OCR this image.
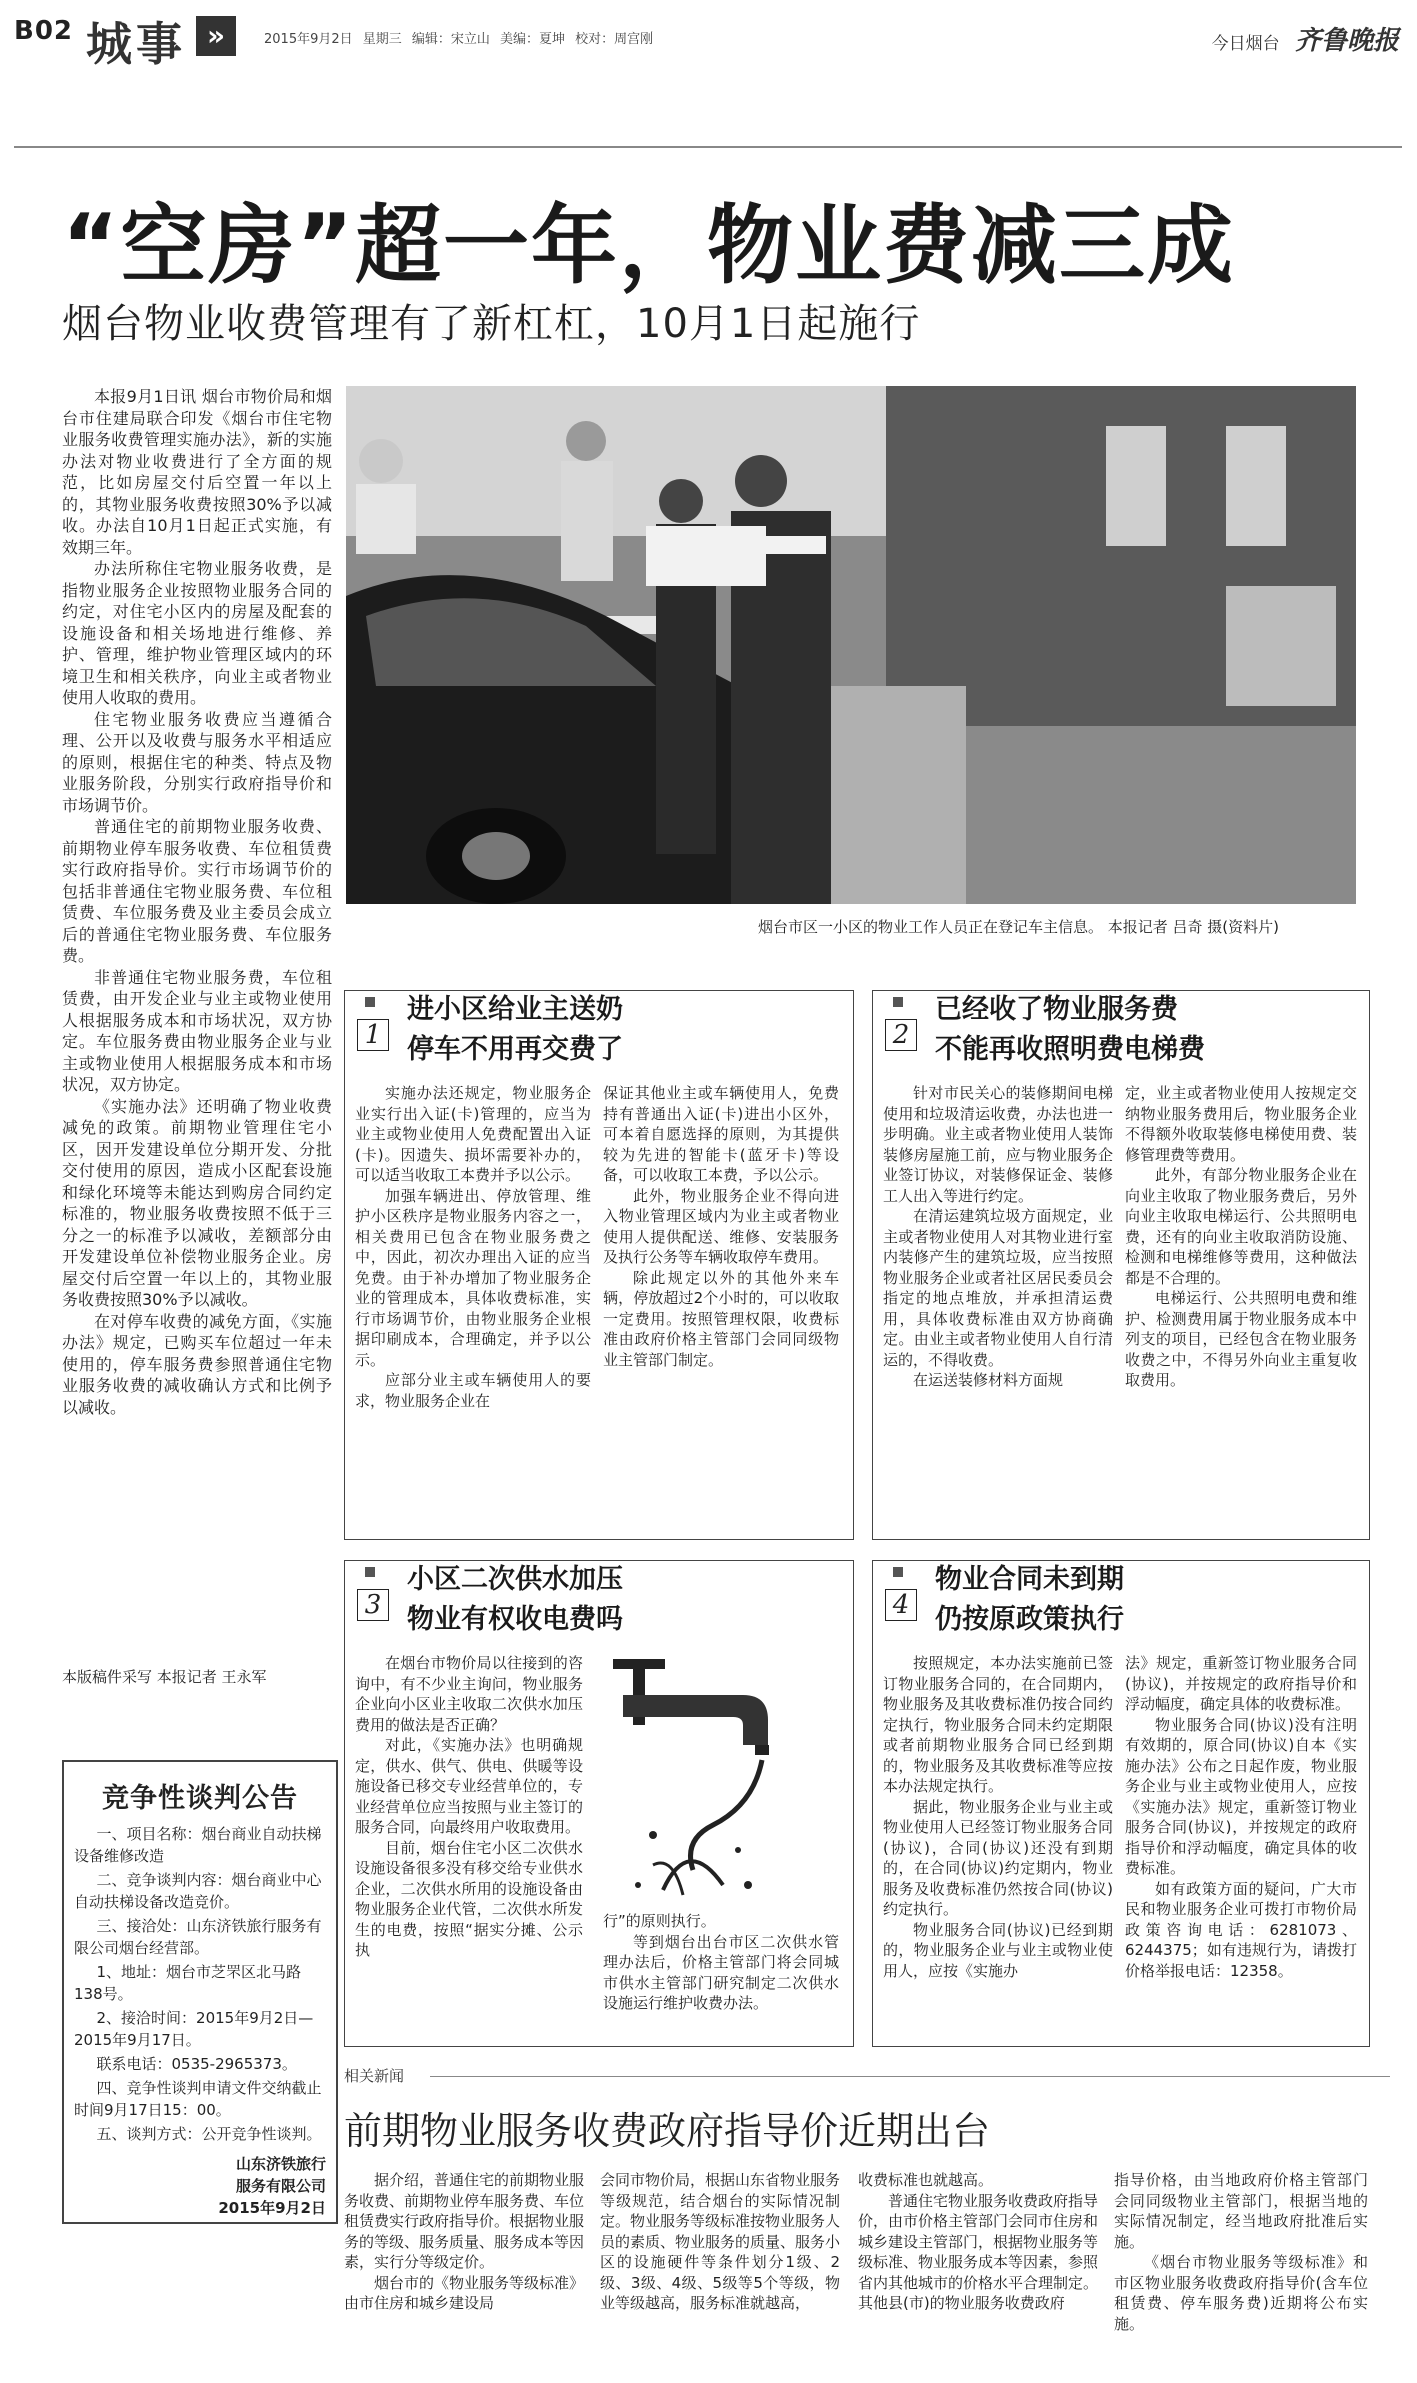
B02 城事 »	2015年9月2日 星期三 编辑：宋立山 美编：夏坤 校对：周宫刚	今日烟台 齐鲁晚报
“空房”超一年，物业费减三成
烟台物业收费管理有了新杠杠，10月1日起施行

本报9月1日讯 烟台市物价局和烟台市住建局联合印发《烟台市住宅物业服务收费管理实施办法》，新的实施办法对物业收费进行了全方面的规范，比如房屋交付后空置一年以上的，其物业服务收费按照30%予以减收。办法自10月1日起正式实施，有效期三年。

办法所称住宅物业服务收费，是指物业服务企业按照物业服务合同的约定，对住宅小区内的房屋及配套的设施设备和相关场地进行维修、养护、管理，维护物业管理区域内的环境卫生和相关秩序，向业主或者物业使用人收取的费用。

住宅物业服务收费应当遵循合理、公开以及收费与服务水平相适应的原则，根据住宅的种类、特点及物业服务阶段，分别实行政府指导价和市场调节价。

普通住宅的前期物业服务收费、前期物业停车服务收费、车位租赁费实行政府指导价。实行市场调节价的包括非普通住宅物业服务费、车位租赁费、车位服务费及业主委员会成立后的普通住宅物业服务费、车位服务费。

非普通住宅物业服务费，车位租赁费，由开发企业与业主或物业使用人根据服务成本和市场状况，双方协定。车位服务费由物业服务企业与业主或物业使用人根据服务成本和市场状况，双方协定。

《实施办法》还明确了物业收费减免的政策。前期物业管理住宅小区，因开发建设单位分期开发、分批交付使用的原因，造成小区配套设施和绿化环境等未能达到购房合同约定标准的，物业服务收费按照不低于三分之一的标准予以减收，差额部分由开发建设单位补偿物业服务企业。房屋交付后空置一年以上的，其物业服务收费按照30%予以减收。

在对停车收费的减免方面，《实施办法》规定，已购买车位超过一年未使用的，停车服务费参照普通住宅物业服务收费的减收确认方式和比例予以减收。

本版稿件采写 本报记者 王永军
烟台市区一小区的物业工作人员正在登记车主信息。 本报记者 吕奇 摄(资料片)
1
进小区给业主送奶
停车不用再交费了

实施办法还规定，物业服务企业实行出入证(卡)管理的，应当为业主或物业使用人免费配置出入证(卡)。因遗失、损坏需要补办的，可以适当收取工本费并予以公示。

加强车辆进出、停放管理、维护小区秩序是物业服务内容之一，相关费用已包含在物业服务费之中，因此，初次办理出入证的应当免费。由于补办增加了物业服务企业的管理成本，具体收费标准，实行市场调节价，由物业服务企业根据印刷成本，合理确定，并予以公示。

应部分业主或车辆使用人的要求，物业服务企业在

保证其他业主或车辆使用人，免费持有普通出入证(卡)进出小区外，可本着自愿选择的原则，为其提供较为先进的智能卡(蓝牙卡)等设备，可以收取工本费，予以公示。

此外，物业服务企业不得向进入物业管理区域内为业主或者物业使用人提供配送、维修、安装服务及执行公务等车辆收取停车费用。

除此规定以外的其他外来车辆，停放超过2个小时的，可以收取一定费用。按照管理权限，收费标准由政府价格主管部门会同同级物业主管部门制定。

2
已经收了物业服务费
不能再收照明费电梯费

针对市民关心的装修期间电梯使用和垃圾清运收费，办法也进一步明确。业主或者物业使用人装饰装修房屋施工前，应与物业服务企业签订协议，对装修保证金、装修工人出入等进行约定。

在清运建筑垃圾方面规定，业主或者物业使用人对其物业进行室内装修产生的建筑垃圾，应当按照物业服务企业或者社区居民委员会指定的地点堆放，并承担清运费用，具体收费标准由双方协商确定。由业主或者物业使用人自行清运的，不得收费。

在运送装修材料方面规

定，业主或者物业使用人按规定交纳物业服务费用后，物业服务企业不得额外收取装修电梯使用费、装修管理费等费用。

此外，有部分物业服务企业在向业主收取了物业服务费后，另外向业主收取电梯运行、公共照明电费，还有的向业主收取消防设施、检测和电梯维修等费用，这种做法都是不合理的。

电梯运行、公共照明电费和维护、检测费用属于物业服务成本中列支的项目，已经包含在物业服务收费之中，不得另外向业主重复收取费用。

3
小区二次供水加压
物业有权收电费吗

在烟台市物价局以往接到的咨询中，有不少业主询问，物业服务企业向小区业主收取二次供水加压费用的做法是否正确？

对此，《实施办法》也明确规定，供水、供气、供电、供暖等设施设备已移交专业经营单位的，专业经营单位应当按照与业主签订的服务合同，向最终用户收取费用。

目前，烟台住宅小区二次供水设施设备很多没有移交给专业供水企业，二次供水所用的设施设备由物业服务企业代管，二次供水所发生的电费，按照“据实分摊、公示执

行”的原则执行。

等到烟台出台市区二次供水管理办法后，价格主管部门将会同城市供水主管部门研究制定二次供水设施运行维护收费办法。

4
物业合同未到期
仍按原政策执行

按照规定，本办法实施前已签订物业服务合同的，在合同期内，物业服务及其收费标准仍按合同约定执行，物业服务合同未约定期限或者前期物业服务合同已经到期的，物业服务及其收费标准等应按本办法规定执行。

据此，物业服务企业与业主或物业使用人已经签订物业服务合同(协议)，合同(协议)还没有到期的，在合同(协议)约定期内，物业服务及收费标准仍然按合同(协议)约定执行。

物业服务合同(协议)已经到期的，物业服务企业与业主或物业使用人，应按《实施办

法》规定，重新签订物业服务合同(协议)，并按规定的政府指导价和浮动幅度，确定具体的收费标准。

物业服务合同(协议)没有注明有效期的，原合同(协议)自本《实施办法》公布之日起作废，物业服务企业与业主或物业使用人，应按《实施办法》规定，重新签订物业服务合同(协议)，并按规定的政府指导价和浮动幅度，确定具体的收费标准。

如有政策方面的疑问，广大市民和物业服务企业可拨打市物价局政策咨询电话：6281073、6244375；如有违规行为，请拨打价格举报电话：12358。

竞争性谈判公告

一、项目名称：烟台商业自动扶梯设备维修改造

二、竞争谈判内容：烟台商业中心自动扶梯设备改造竞价。

三、接洽处：山东济铁旅行服务有限公司烟台经营部。

1、地址：烟台市芝罘区北马路138号。

2、接洽时间：2015年9月2日—2015年9月17日。

联系电话：0535-2965373。

四、竞争性谈判申请文件交纳截止时间9月17日15：00。

五、谈判方式：公开竞争性谈判。

山东济铁旅行
服务有限公司
2015年9月2日
相关新闻
前期物业服务收费政府指导价近期出台

据介绍，普通住宅的前期物业服务收费、前期物业停车服务费、车位租赁费实行政府指导价。根据物业服务的等级、服务质量、服务成本等因素，实行分等级定价。

烟台市的《物业服务等级标准》由市住房和城乡建设局

会同市物价局，根据山东省物业服务等级规范，结合烟台的实际情况制定。物业服务等级标准按物业服务人员的素质、物业服务的质量、服务小区的设施硬件等条件划分1级、2级、3级、4级、5级等5个等级，物业等级越高，服务标准就越高，

收费标准也就越高。

普通住宅物业服务收费政府指导价，由市价格主管部门会同市住房和城乡建设主管部门，根据物业服务等级标准、物业服务成本等因素，参照省内其他城市的价格水平合理制定。其他县(市)的物业服务收费政府

指导价格，由当地政府价格主管部门会同同级物业主管部门，根据当地的实际情况制定，经当地政府批准后实施。

《烟台市物业服务等级标准》和市区物业服务收费政府指导价(含车位租赁费、停车服务费)近期将公布实施。
